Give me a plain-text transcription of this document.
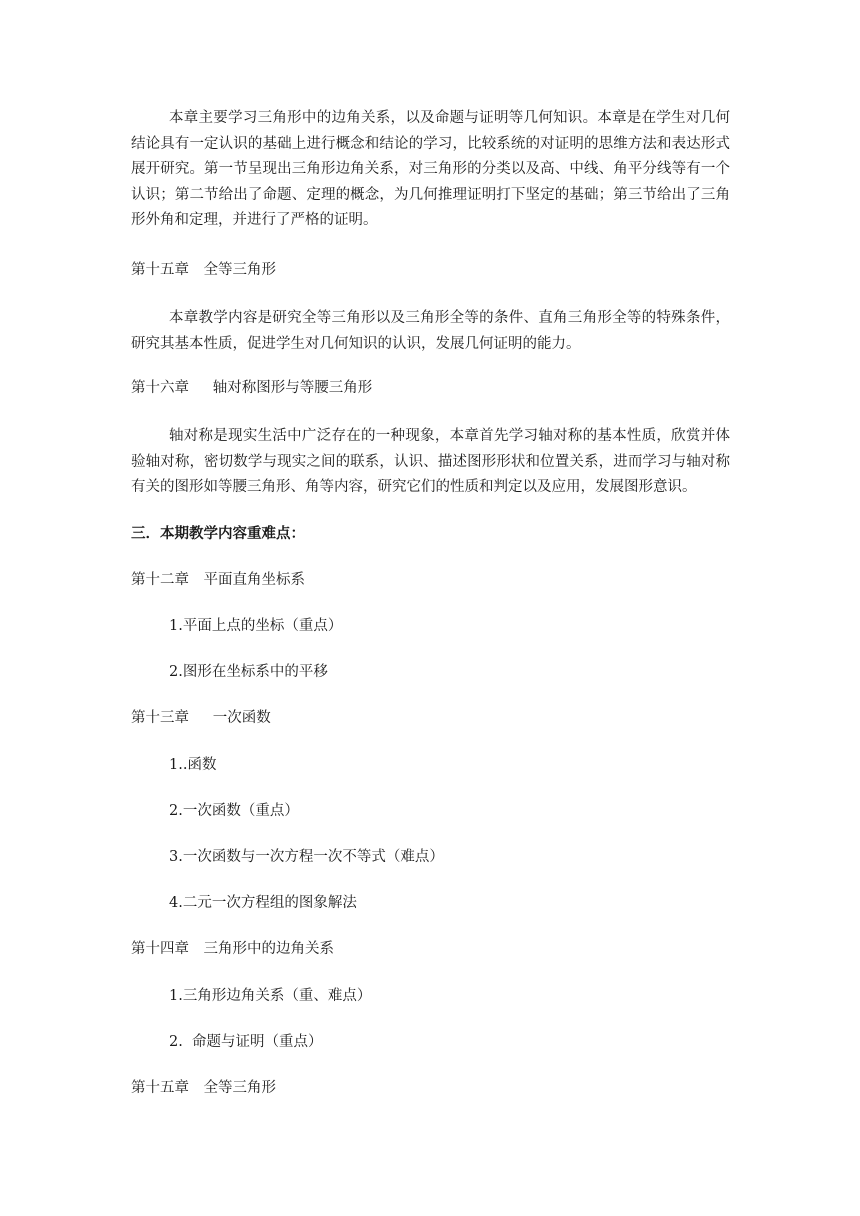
本章主要学习三角形中的边角关系，以及命题与证明等几何知识。本章是在学生对几何结论具有一定认识的基础上进行概念和结论的学习，比较系统的对证明的思维方法和表达形式展开研究。第一节呈现出三角形边角关系，对三角形的分类以及高、中线、角平分线等有一个认识；第二节给出了命题、定理的概念，为几何推理证明打下坚定的基础；第三节给出了三角形外角和定理，并进行了严格的证明。

第十五章　全等三角形

本章教学内容是研究全等三角形以及三角形全等的条件、直角三角形全等的特殊条件，研究其基本性质，促进学生对几何知识的认识，发展几何证明的能力。

第十六章　  轴对称图形与等腰三角形

轴对称是现实生活中广泛存在的一种现象，本章首先学习轴对称的基本性质，欣赏并体验轴对称，密切数学与现实之间的联系，认识、描述图形形状和位置关系，进而学习与轴对称有关的图形如等腰三角形、角等内容，研究它们的性质和判定以及应用，发展图形意识。

三．本期教学内容重难点：

第十二章　平面直角坐标系

1.平面上点的坐标（重点）

2.图形在坐标系中的平移

第十三章　  一次函数

1..函数

2.一次函数（重点）

3.一次函数与一次方程一次不等式（难点）

4.二元一次方程组的图象解法

第十四章　三角形中的边角关系

1.三角形边角关系（重、难点）

2.  命题与证明（重点）

第十五章　全等三角形
